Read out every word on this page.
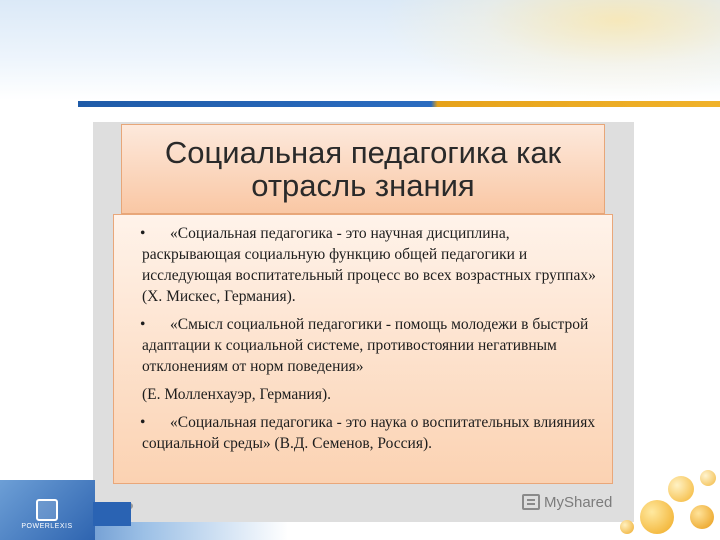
Социальная педагогика как отрасль знания

• «Социальная педагогика - это научная дисциплина, раскрывающая социальную функцию общей педагогики и исследующая воспитательный процесс во всех возрастных группах» (Х. Мискес, Германия).

• «Смысл социальной педагогики - помощь молодежи в быстрой адаптации к социальной системе, противостоянии негативным отклонениям от норм поведения»

(Е. Молленхауэр, Германия).

• «Социальная педагогика - это наука о воспитательных влияниях социальной среды» (В.Д. Семенов, Россия).

MyShared
POWERLEXIS
